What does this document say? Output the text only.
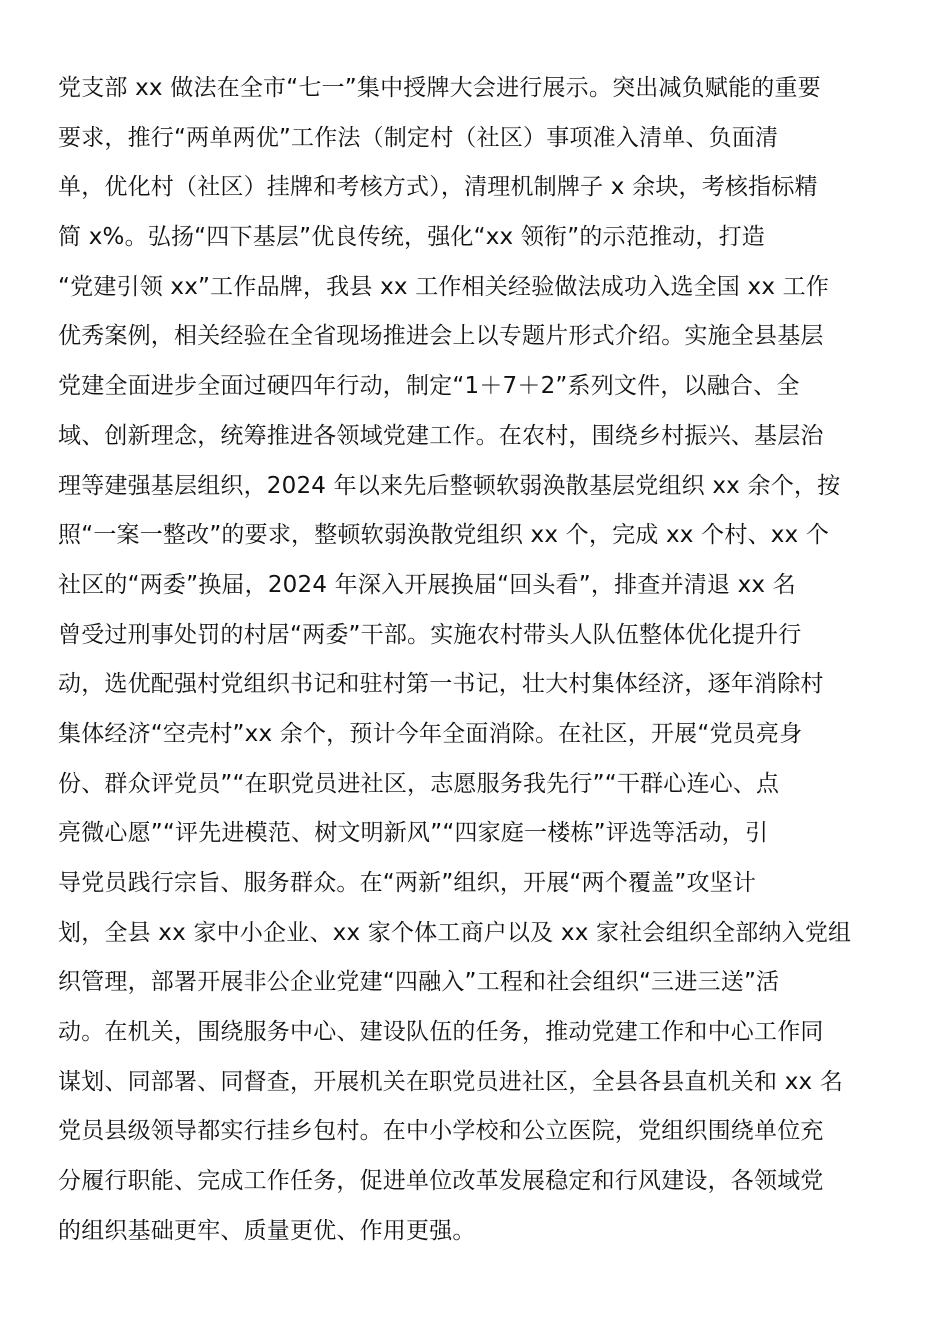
党支部 xx 做法在全市“七一”集中授牌大会进行展示。突出减负赋能的重要
要求，推行“两单两优”工作法（制定村（社区）事项准入清单、负面清
单，优化村（社区）挂牌和考核方式），清理机制牌子 x 余块，考核指标精
简 x%。弘扬“四下基层”优良传统，强化“xx 领衔”的示范推动，打造
“党建引领 xx”工作品牌，我县 xx 工作相关经验做法成功入选全国 xx 工作
优秀案例，相关经验在全省现场推进会上以专题片形式介绍。实施全县基层
党建全面进步全面过硬四年行动，制定“1＋7＋2”系列文件，以融合、全
域、创新理念，统筹推进各领域党建工作。在农村，围绕乡村振兴、基层治
理等建强基层组织，2024 年以来先后整顿软弱涣散基层党组织 xx 余个，按
照“一案一整改”的要求，整顿软弱涣散党组织 xx 个，完成 xx 个村、xx 个
社区的“两委”换届，2024 年深入开展换届“回头看”，排查并清退 xx 名
曾受过刑事处罚的村居“两委”干部。实施农村带头人队伍整体优化提升行
动，选优配强村党组织书记和驻村第一书记，壮大村集体经济，逐年消除村
集体经济“空壳村”xx 余个，预计今年全面消除。在社区，开展“党员亮身
份、群众评党员”“在职党员进社区，志愿服务我先行”“干群心连心、点
亮微心愿”“评先进模范、树文明新风”“四家庭一楼栋”评选等活动，引
导党员践行宗旨、服务群众。在“两新”组织，开展“两个覆盖”攻坚计
划，全县 xx 家中小企业、xx 家个体工商户以及 xx 家社会组织全部纳入党组
织管理，部署开展非公企业党建“四融入”工程和社会组织“三进三送”活
动。在机关，围绕服务中心、建设队伍的任务，推动党建工作和中心工作同
谋划、同部署、同督查，开展机关在职党员进社区，全县各县直机关和 xx 名
党员县级领导都实行挂乡包村。在中小学校和公立医院，党组织围绕单位充
分履行职能、完成工作任务，促进单位改革发展稳定和行风建设，各领域党
的组织基础更牢、质量更优、作用更强。
